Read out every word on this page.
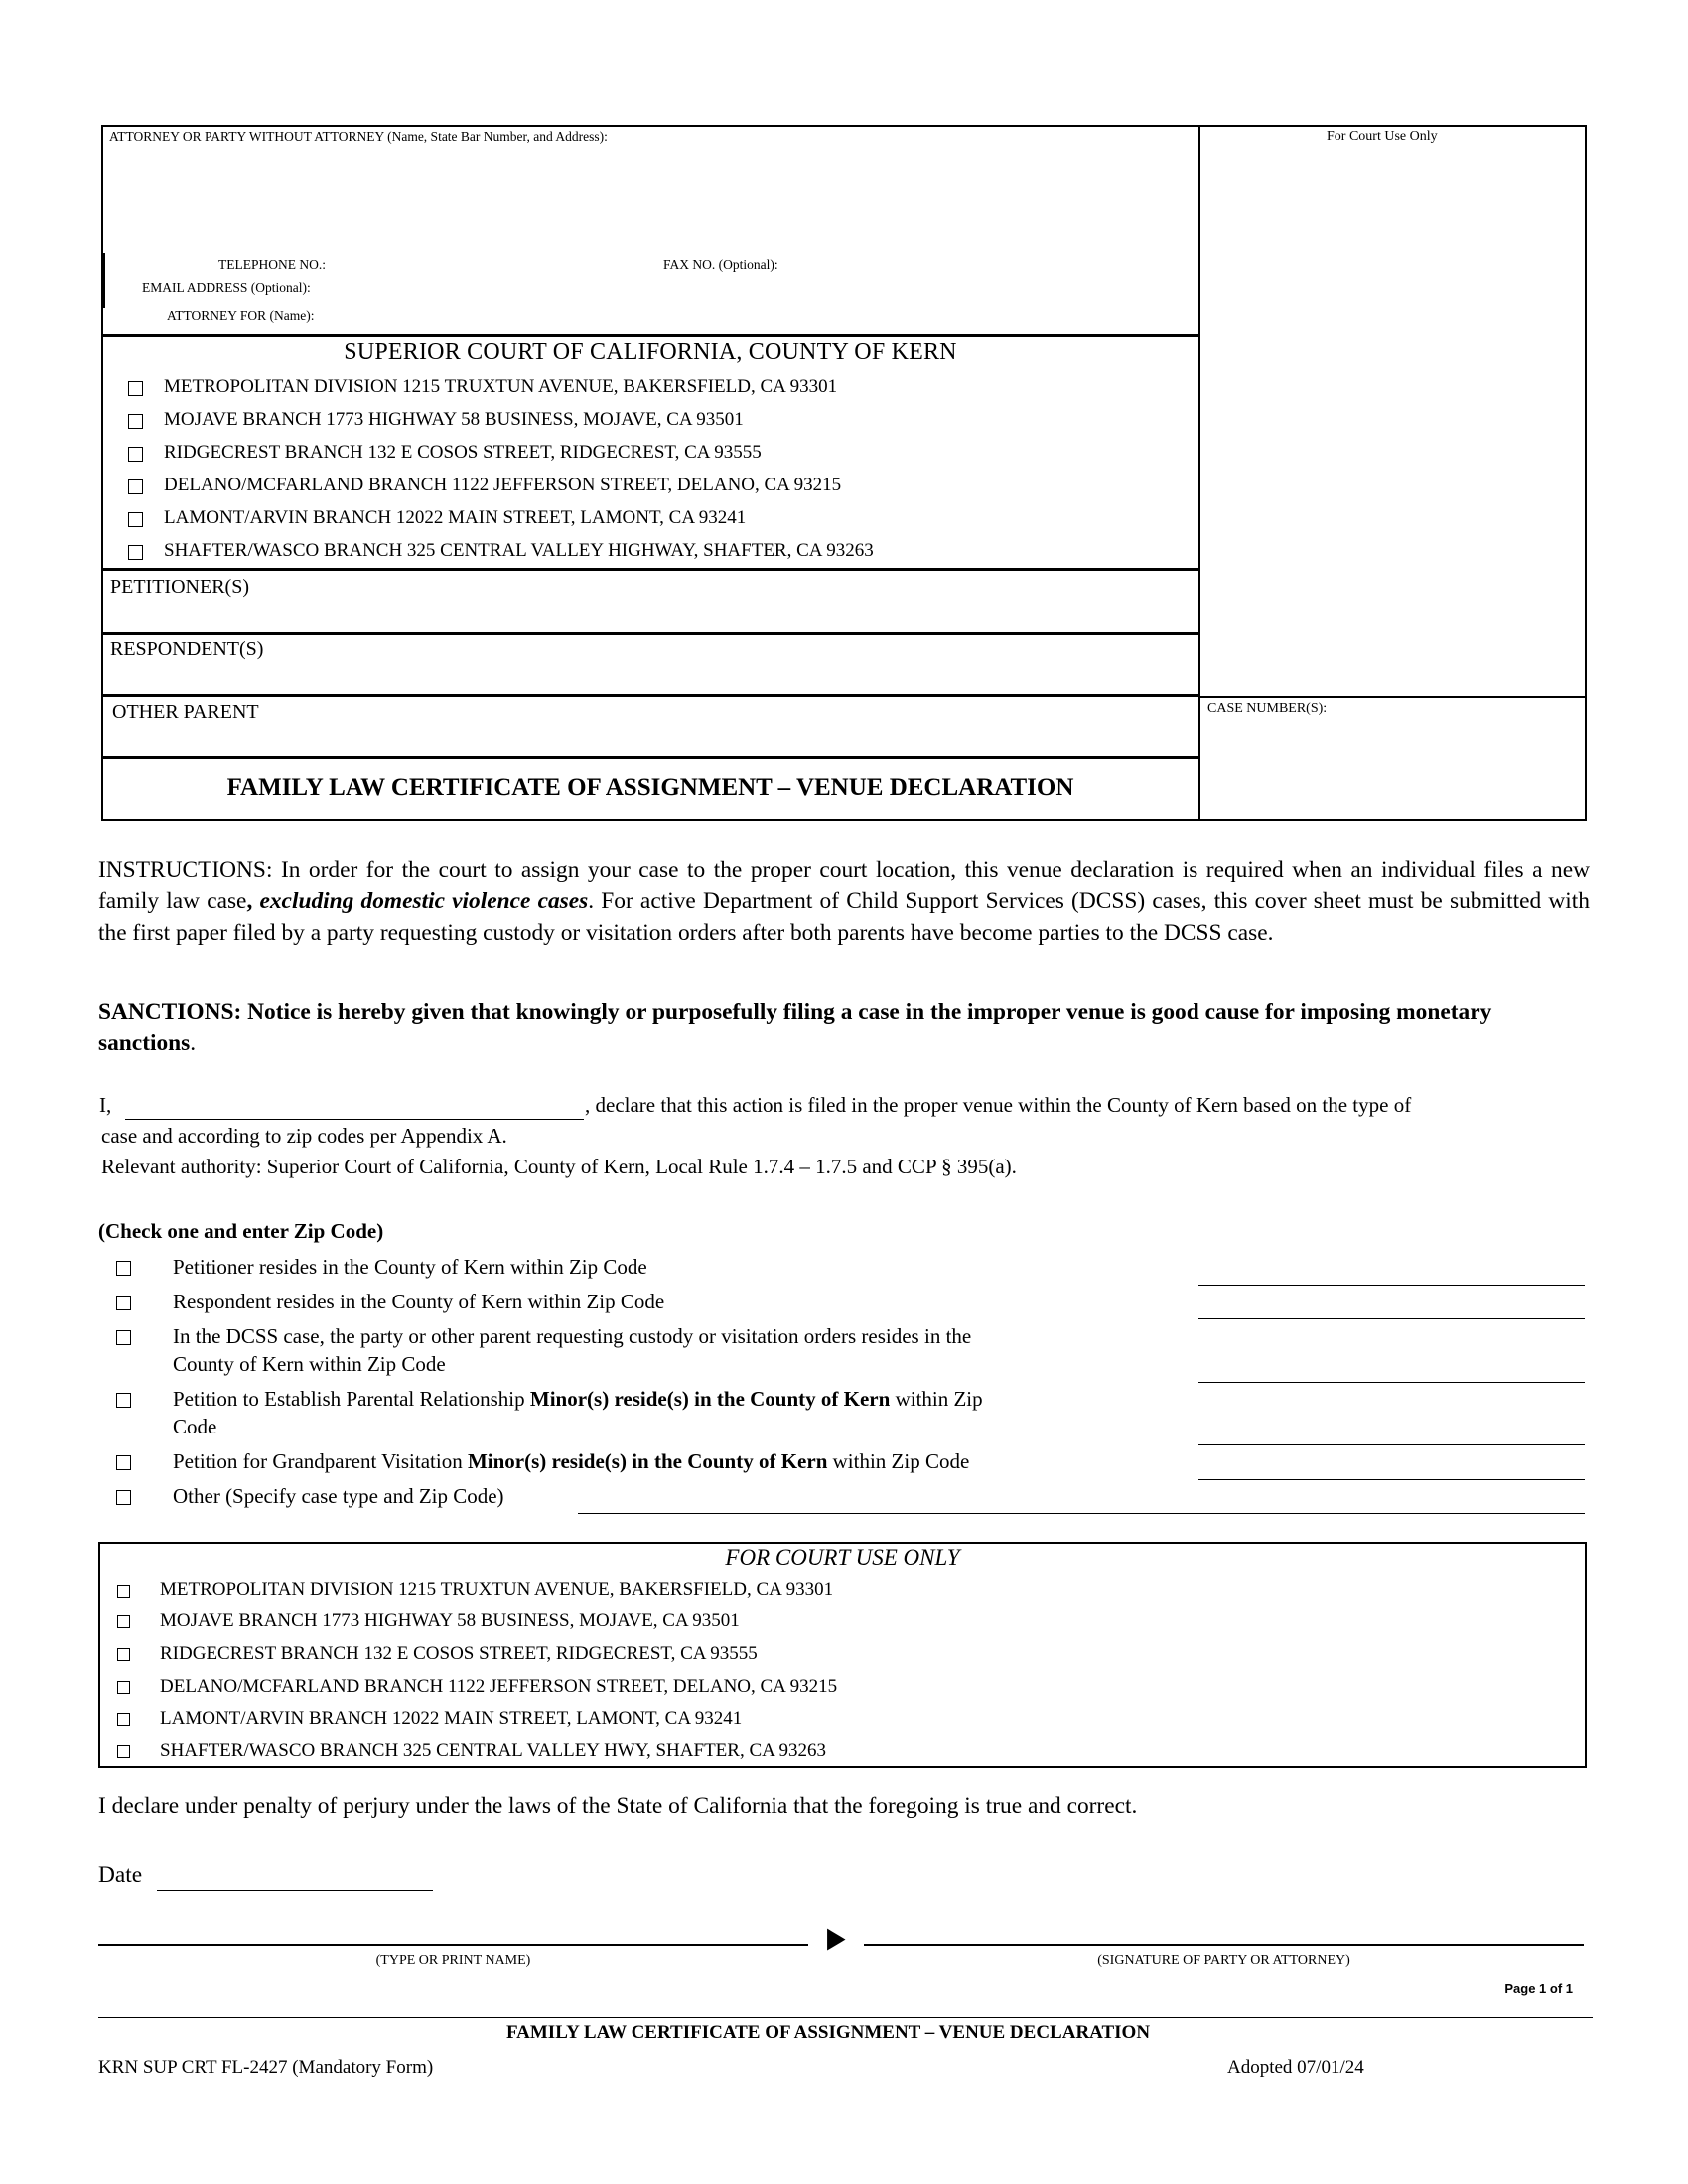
ATTORNEY OR PARTY WITHOUT ATTORNEY (Name, State Bar Number, and Address):
TELEPHONE NO.:	FAX NO. (Optional):
EMAIL ADDRESS (Optional):
ATTORNEY FOR (Name):
For Court Use Only
SUPERIOR COURT OF CALIFORNIA, COUNTY OF KERN
METROPOLITAN DIVISION 1215 TRUXTUN AVENUE, BAKERSFIELD, CA 93301
MOJAVE BRANCH 1773 HIGHWAY 58 BUSINESS, MOJAVE, CA 93501
RIDGECREST BRANCH 132 E COSOS STREET, RIDGECREST, CA 93555
DELANO/MCFARLAND BRANCH 1122 JEFFERSON STREET, DELANO, CA 93215
LAMONT/ARVIN BRANCH 12022 MAIN STREET, LAMONT, CA 93241
SHAFTER/WASCO BRANCH 325 CENTRAL VALLEY HIGHWAY, SHAFTER, CA 93263
PETITIONER(S)
RESPONDENT(S)
OTHER PARENT	CASE NUMBER(S):
FAMILY LAW CERTIFICATE OF ASSIGNMENT – VENUE DECLARATION
INSTRUCTIONS: In order for the court to assign your case to the proper court location, this venue declaration is required when an individual files a new family law case, excluding domestic violence cases. For active Department of Child Support Services (DCSS) cases, this cover sheet must be submitted with the first paper filed by a party requesting custody or visitation orders after both parents have become parties to the DCSS case.
SANCTIONS: Notice is hereby given that knowingly or purposefully filing a case in the improper venue is good cause for imposing monetary sanctions.
I,	, declare that this action is filed in the proper venue within the County of Kern based on the type of
case and according to zip codes per Appendix A.
Relevant authority: Superior Court of California, County of Kern, Local Rule 1.7.4 – 1.7.5 and CCP § 395(a).
(Check one and enter Zip Code)
Petitioner resides in the County of Kern within Zip Code
Respondent resides in the County of Kern within Zip Code
In the DCSS case, the party or other parent requesting custody or visitation orders resides in the
County of Kern within Zip Code
Petition to Establish Parental Relationship Minor(s) reside(s) in the County of Kern within Zip
Code
Petition for Grandparent Visitation Minor(s) reside(s) in the County of Kern within Zip Code
Other (Specify case type and Zip Code)
FOR COURT USE ONLY
METROPOLITAN DIVISION 1215 TRUXTUN AVENUE, BAKERSFIELD, CA 93301
MOJAVE BRANCH 1773 HIGHWAY 58 BUSINESS, MOJAVE, CA 93501
RIDGECREST BRANCH 132 E COSOS STREET, RIDGECREST, CA 93555
DELANO/MCFARLAND BRANCH 1122 JEFFERSON STREET, DELANO, CA 93215
LAMONT/ARVIN BRANCH 12022 MAIN STREET, LAMONT, CA 93241
SHAFTER/WASCO BRANCH 325 CENTRAL VALLEY HWY, SHAFTER, CA 93263
I declare under penalty of perjury under the laws of the State of California that the foregoing is true and correct.
Date
►
(TYPE OR PRINT NAME)	(SIGNATURE OF PARTY OR ATTORNEY)
Page 1 of 1
FAMILY LAW CERTIFICATE OF ASSIGNMENT – VENUE DECLARATION
KRN SUP CRT FL-2427 (Mandatory Form)	Adopted 07/01/24
